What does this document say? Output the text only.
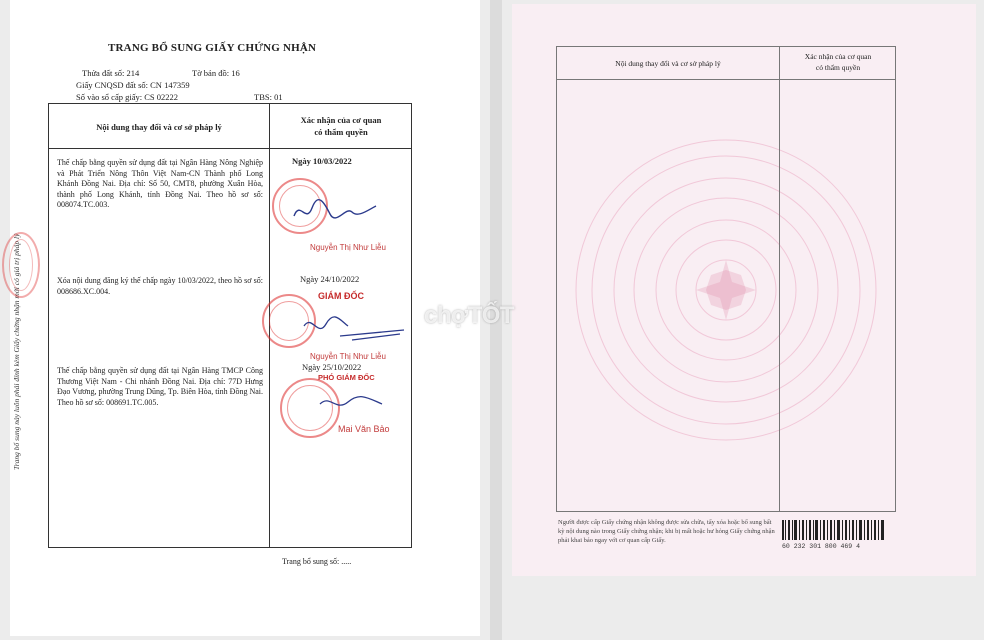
TRANG BỔ SUNG GIẤY CHỨNG NHẬN
Thửa đất số: 214	Tờ bản đồ: 16
Giấy CNQSD đất số: CN 147359
Số vào sổ cấp giấy: CS 02222	TBS: 01
Trang bổ sung này luôn phải đính kèm Giấy chứng nhận mới có giá trị pháp lý
Nội dung thay đổi và cơ sở pháp lý
Xác nhận của cơ quan
có thẩm quyền
Thế chấp bằng quyền sử dụng đất tại Ngân Hàng Nông Nghiệp và Phát Triển Nông Thôn Việt Nam-CN Thành phố Long Khánh Đồng Nai. Địa chỉ: Số 50, CMT8, phường Xuân Hòa, thành phố Long Khánh, tỉnh Đồng Nai. Theo hồ sơ số: 008074.TC.003.
Xóa nội dung đăng ký thế chấp ngày 10/03/2022, theo hồ sơ số: 008686.XC.004.
Thế chấp bằng quyền sử dụng đất tại Ngân Hàng TMCP Công Thương Việt Nam - Chi nhánh Đồng Nai. Địa chỉ: 77D Hưng Đạo Vương, phường Trung Dũng, Tp. Biên Hòa, tỉnh Đồng Nai. Theo hồ sơ số: 008691.TC.005.
Ngày 10/03/2022
Nguyễn Thị Như Liễu
Ngày 24/10/2022
GIÁM ĐỐC
Nguyễn Thị Như Liễu
Ngày 25/10/2022
PHÓ GIÁM ĐỐC
Mai Văn Bảo
Trang bổ sung số: .....
Nội dung thay đổi và cơ sở pháp lý
Xác nhận của cơ quan
có thẩm quyền
Người được cấp Giấy chứng nhận không được sửa chữa, tẩy xóa hoặc bổ sung bất kỳ nội dung nào trong Giấy chứng nhận; khi bị mất hoặc hư hỏng Giấy chứng nhận phải khai báo ngay với cơ quan cấp Giấy.
60 232 301 800 469 4
chợTỐT
